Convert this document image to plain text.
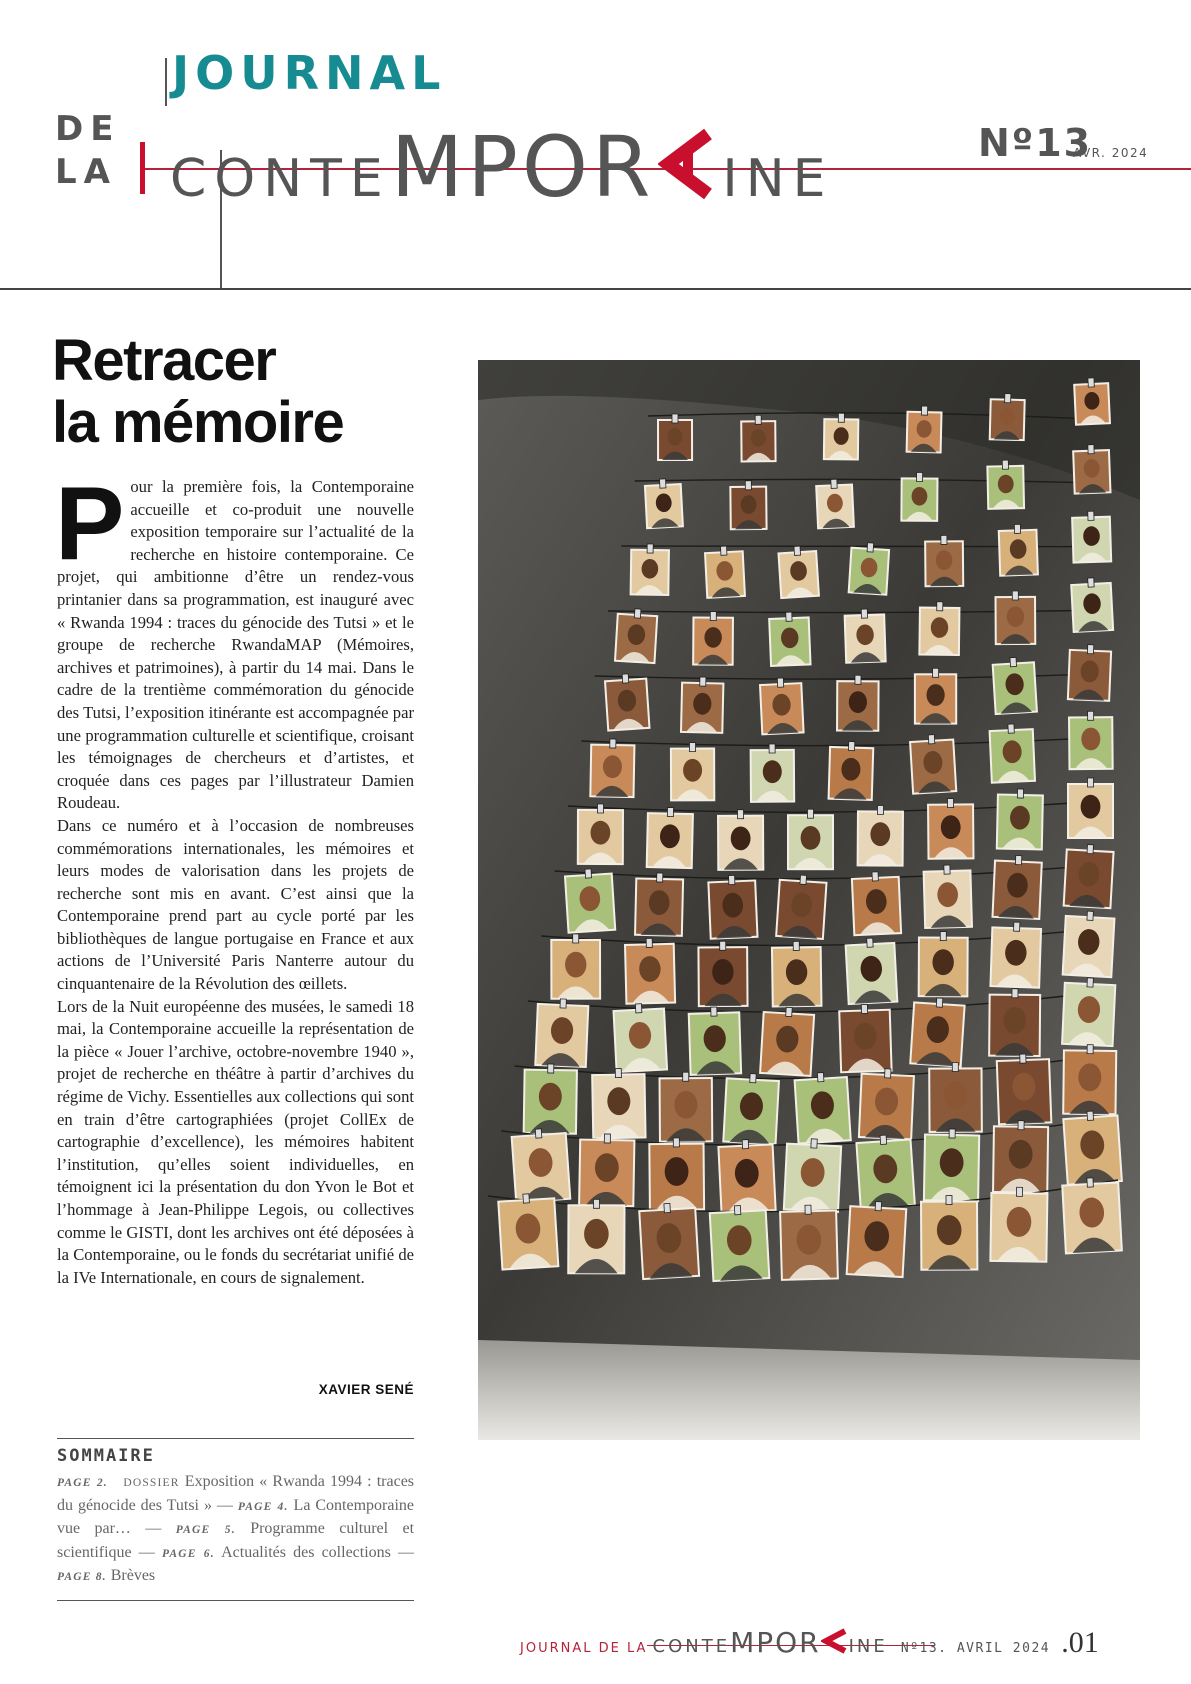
JOURNAL
DE
LA CONTEMPOR INE
Nº13
AVR. 2024
Retracer
la mémoire

Pour la première fois, la Contemporaine accueille et co-produit une nouvelle exposition temporaire sur l’actualité de la recherche en histoire contemporaine. Ce projet, qui ambitionne d’être un rendez-vous printanier dans sa programmation, est inauguré avec « Rwanda 1994 : traces du génocide des Tutsi » et le groupe de recherche RwandaMAP (Mémoires, archives et patrimoines), à partir du 14 mai. Dans le cadre de la trentième commémoration du génocide des Tutsi, l’exposition itinérante est accompagnée par une programmation culturelle et scientifique, croisant les témoignages de chercheurs et d’artistes, et croquée dans ces pages par l’illustrateur Damien Roudeau.

Dans ce numéro et à l’occasion de nombreuses commémorations internationales, les mémoires et leurs modes de valorisation dans les projets de recherche sont mis en avant. C’est ainsi que la Contemporaine prend part au cycle porté par les bibliothèques de langue portugaise en France et aux actions de l’Université Paris Nanterre autour du cinquantenaire de la Révolution des œillets.

Lors de la Nuit européenne des musées, le samedi 18 mai, la Contemporaine accueille la représentation de la pièce « Jouer l’archive, octobre-novembre 1940 », projet de recherche en théâtre à partir d’archives du régime de Vichy. Essentielles aux collections qui sont en train d’être cartographiées (projet CollEx de cartographie d’excellence), les mémoires habitent l’institution, qu’elles soient individuelles, en témoignent ici la présentation du don Yvon le Bot et l’hommage à Jean-Philippe Legois, ou collectives comme le GISTI, dont les archives ont été déposées à la Contemporaine, ou le fonds du secrétariat unifié de la IVe Internationale, en cours de signalement.

XAVIER SENÉ
SOMMAIRE
PAGE 2. DOSSIER Exposition « Rwanda 1994 : traces du génocide des Tutsi » — PAGE 4. La Contemporaine vue par… — PAGE 5. Programme culturel et scientifique — PAGE 6. Actualités des collections — PAGE 8. Brèves
JOURNAL DE LA CONTEMPOR INE Nº13. AVRIL 2024 .01
